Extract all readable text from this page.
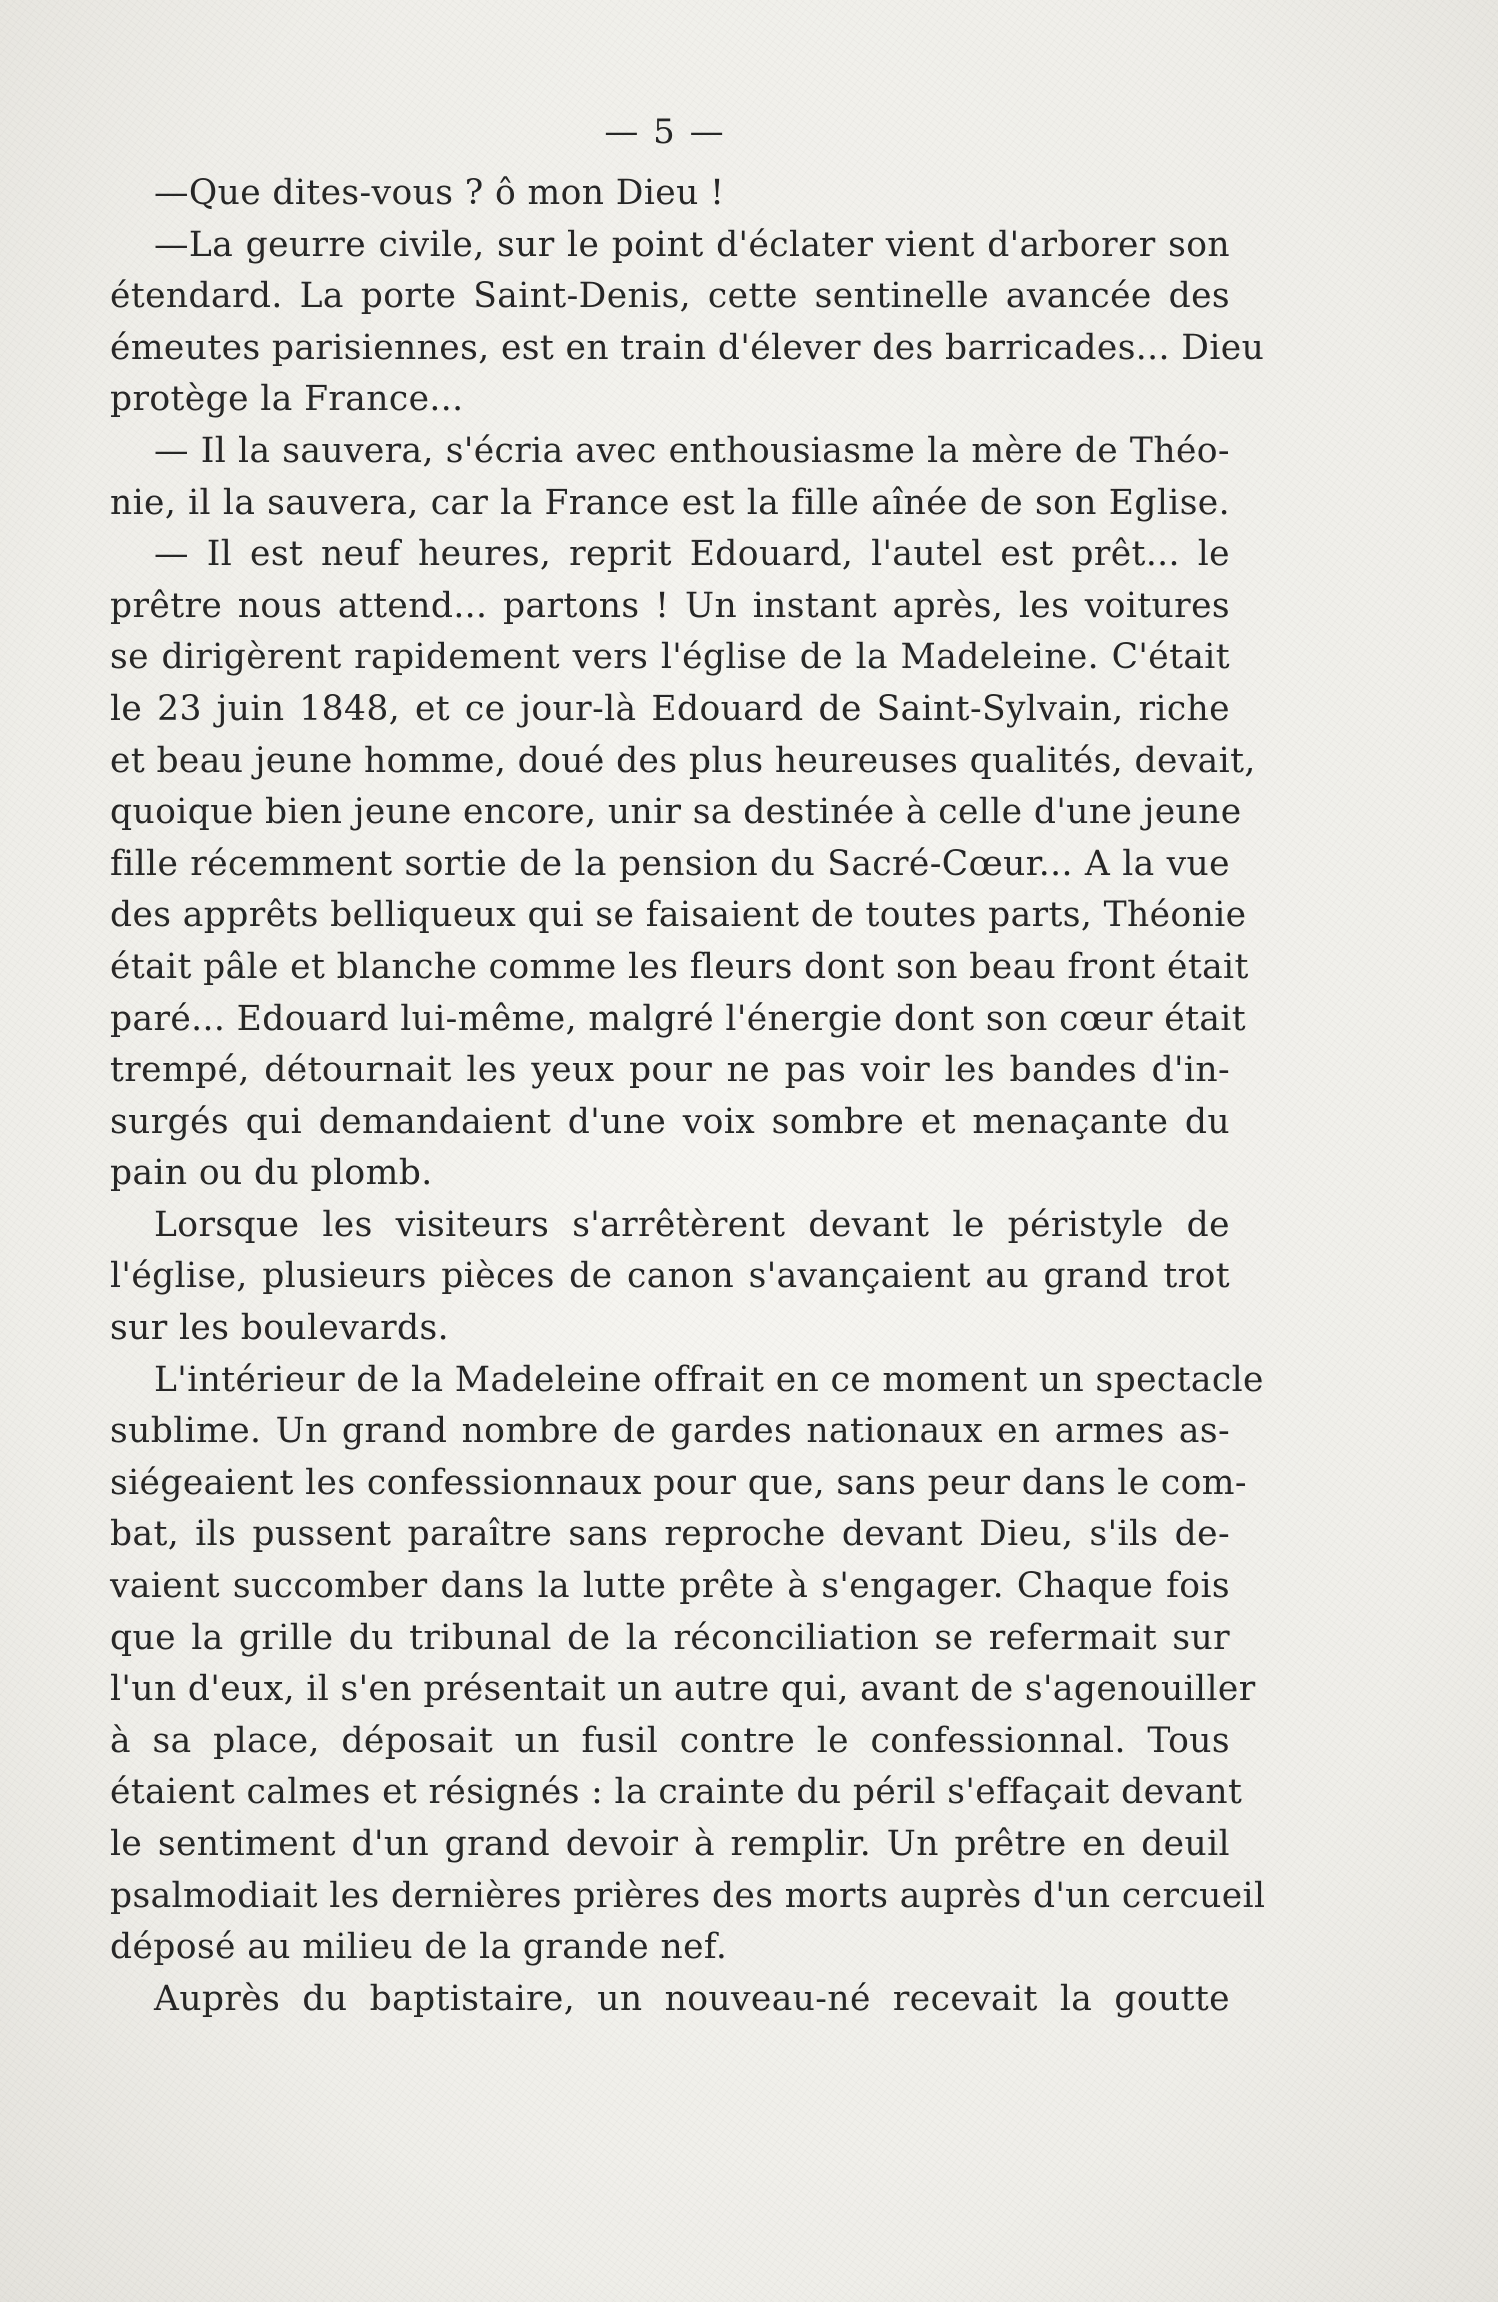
— 5 —
—Que dites-vous ? ô mon Dieu !
—La geurre civile, sur le point d'éclater vient d'arborer son
étendard. La porte Saint-Denis, cette sentinelle avancée des
émeutes parisiennes, est en train d'élever des barricades... Dieu
protège la France...
— Il la sauvera, s'écria avec enthousiasme la mère de Théo-
nie, il la sauvera, car la France est la fille aînée de son Eglise.
— Il est neuf heures, reprit Edouard, l'autel est prêt... le
prêtre nous attend... partons ! Un instant après, les voitures
se dirigèrent rapidement vers l'église de la Madeleine. C'était
le 23 juin 1848, et ce jour-là Edouard de Saint-Sylvain, riche
et beau jeune homme, doué des plus heureuses qualités, devait,
quoique bien jeune encore, unir sa destinée à celle d'une jeune
fille récemment sortie de la pension du Sacré-Cœur... A la vue
des apprêts belliqueux qui se faisaient de toutes parts, Théonie
était pâle et blanche comme les fleurs dont son beau front était
paré... Edouard lui-même, malgré l'énergie dont son cœur était
trempé, détournait les yeux pour ne pas voir les bandes d'in-
surgés qui demandaient d'une voix sombre et menaçante du
pain ou du plomb.
Lorsque les visiteurs s'arrêtèrent devant le péristyle de
l'église, plusieurs pièces de canon s'avançaient au grand trot
sur les boulevards.
L'intérieur de la Madeleine offrait en ce moment un spectacle
sublime. Un grand nombre de gardes nationaux en armes as-
siégeaient les confessionnaux pour que, sans peur dans le com-
bat, ils pussent paraître sans reproche devant Dieu, s'ils de-
vaient succomber dans la lutte prête à s'engager. Chaque fois
que la grille du tribunal de la réconciliation se refermait sur
l'un d'eux, il s'en présentait un autre qui, avant de s'agenouiller
à sa place, déposait un fusil contre le confessionnal. Tous
étaient calmes et résignés : la crainte du péril s'effaçait devant
le sentiment d'un grand devoir à remplir. Un prêtre en deuil
psalmodiait les dernières prières des morts auprès d'un cercueil
déposé au milieu de la grande nef.
Auprès du baptistaire, un nouveau-né recevait la goutte
